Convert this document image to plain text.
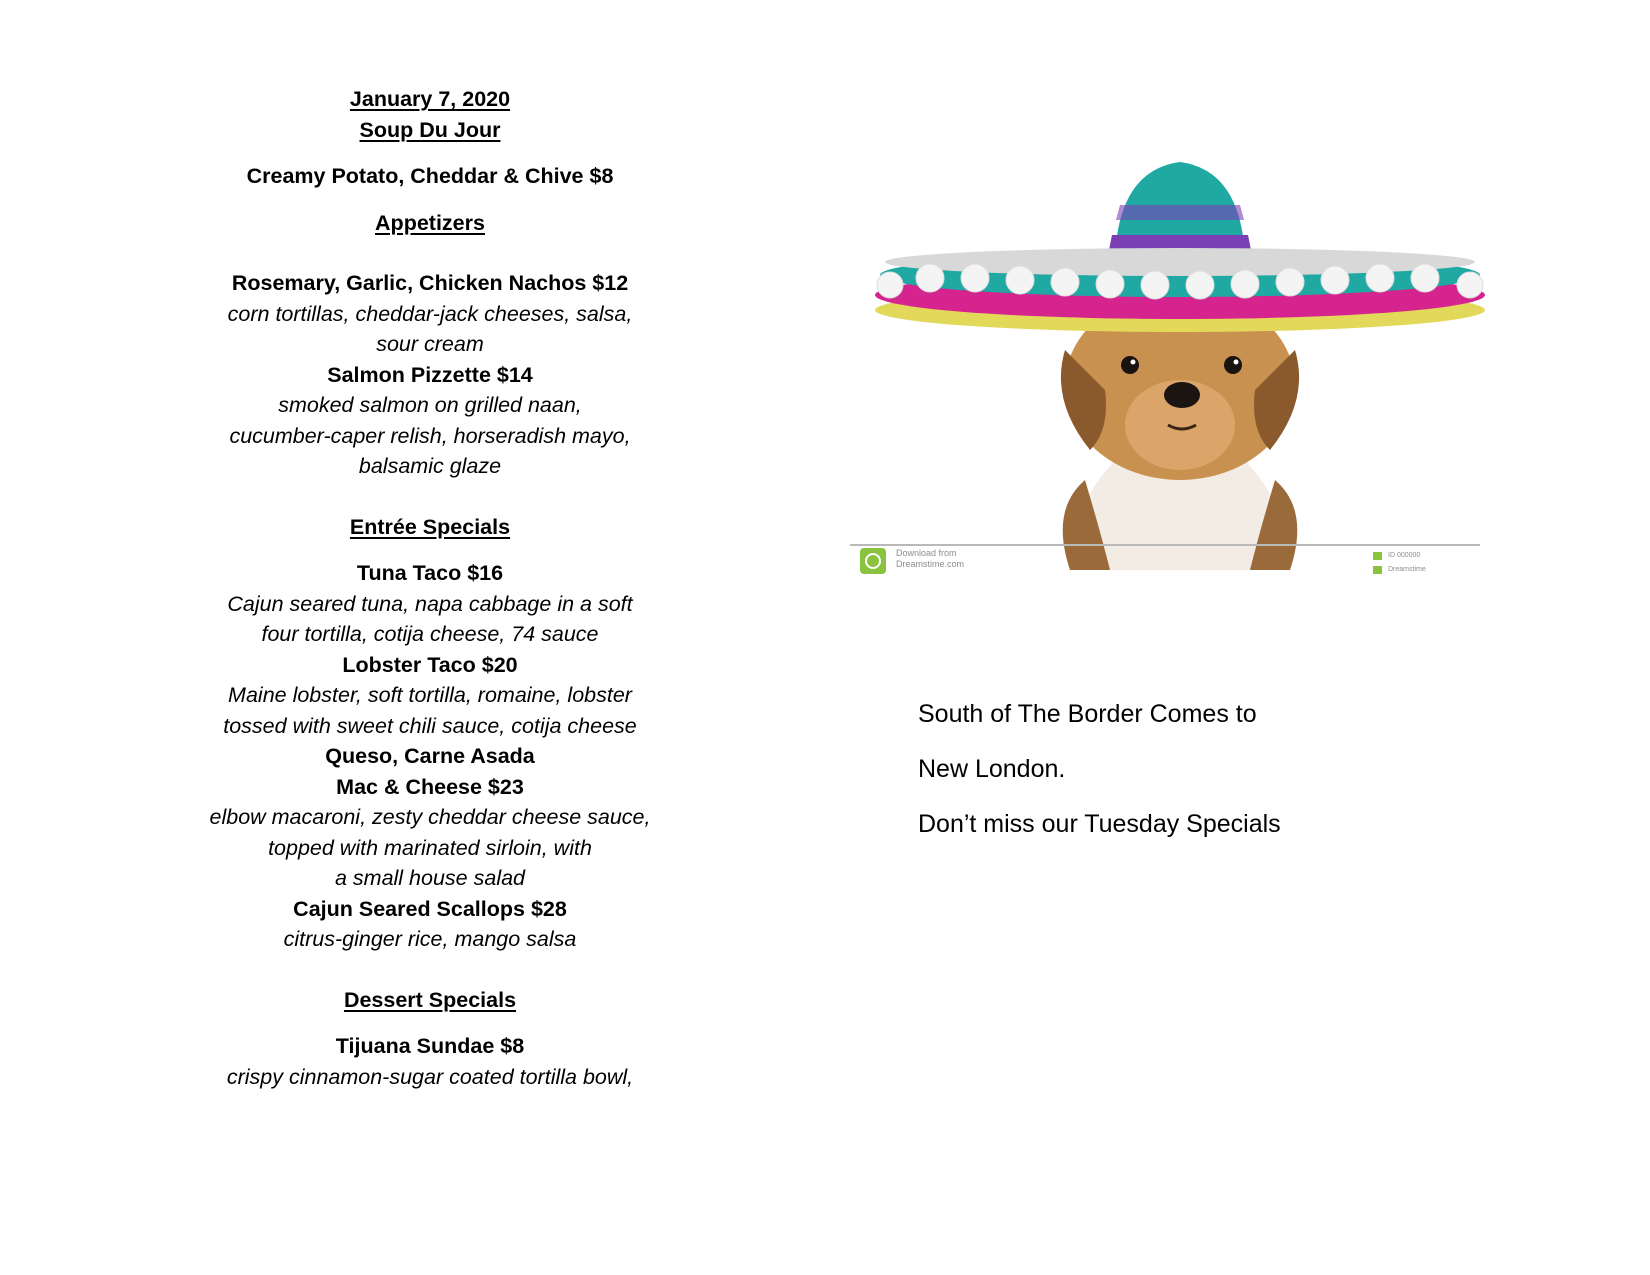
January 7, 2020
Soup Du Jour
Creamy Potato, Cheddar & Chive $8
Appetizers
Rosemary, Garlic, Chicken Nachos $12
corn tortillas, cheddar-jack cheeses, salsa,
sour cream
Salmon Pizzette $14
smoked salmon on grilled naan,
cucumber-caper relish, horseradish mayo,
balsamic glaze
Entrée Specials
Tuna Taco $16
Cajun seared tuna, napa cabbage in a soft
four tortilla, cotija cheese, 74 sauce
Lobster Taco $20
Maine lobster, soft tortilla, romaine, lobster
tossed with sweet chili sauce, cotija cheese
Queso, Carne Asada
Mac & Cheese $23
elbow macaroni, zesty cheddar cheese sauce,
topped with marinated sirloin, with
a small house salad
Cajun Seared Scallops $28
citrus-ginger rice, mango salsa
Dessert Specials
Tijuana Sundae $8
crispy cinnamon-sugar coated tortilla bowl,
Download from
Dreamstime.com
ID 000000
Dreamstime

South of The Border Comes to

New London.

Don’t miss our Tuesday Specials
